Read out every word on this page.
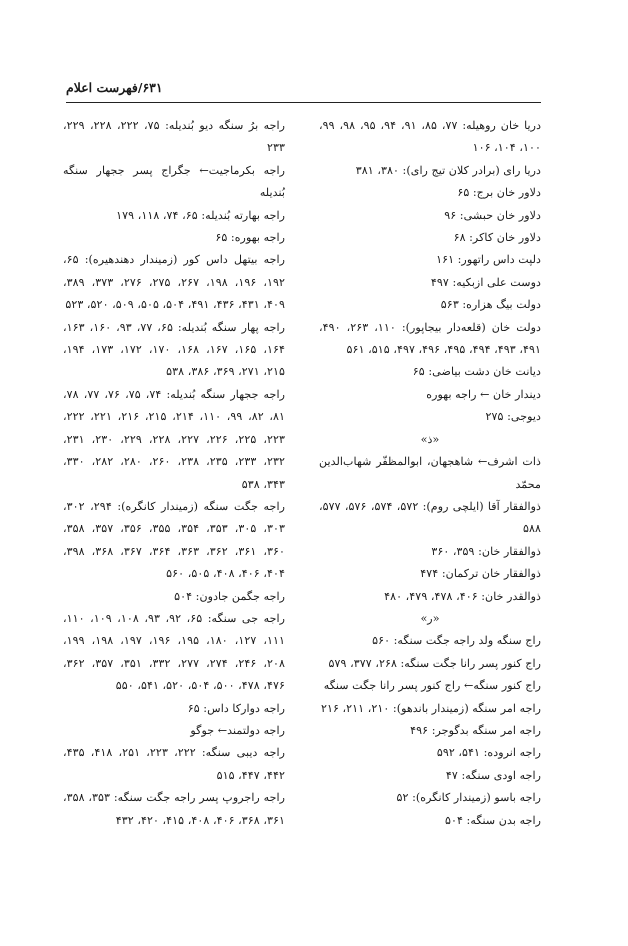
۶۳۱/فهرست اعلام
دریا خان روهیله: ۷۷، ۸۵، ۹۱، ۹۴، ۹۵، ۹۸، ۹۹، ۱۰۰، ۱۰۴، ۱۰۶
دریا رای (برادر کلان تیج رای): ۳۸۰، ۳۸۱
دلاور خان برج: ۶۵
دلاور خان حبشی: ۹۶
دلاور خان کاکر: ۶۸
دلپت داس راتهور: ۱۶۱
دوست علی ازبکیه: ۴۹۷
دولت بیگ هزاره: ۵۶۳
دولت خان (قلعه‌دار بیجاپور): ۱۱۰، ۲۶۳، ۴۹۰، ۴۹۱، ۴۹۳، ۴۹۴، ۴۹۵، ۴۹۶، ۴۹۷، ۵۱۵، ۵۶۱
دیانت خان دشت بیاضی: ۶۵
دیندار خان ← راجه بهوره
دیوجی: ۲۷۵
«ذ»
ذات اشرف← شاهجهان، ابوالمظفّر شهاب‌الدین محمّد
ذوالفقار آقا (ایلچی روم): ۵۷۲، ۵۷۴، ۵۷۶، ۵۷۷، ۵۸۸
ذوالفقار خان: ۳۵۹، ۳۶۰
ذوالفقار خان ترکمان: ۴۷۴
ذوالقدر خان: ۴۰۶، ۴۷۸، ۴۷۹، ۴۸۰
«ر»
راج سنگه ولد راجه جگت سنگه: ۵۶۰
راج کنور پسر رانا جگت سنگه: ۲۶۸، ۳۷۷، ۵۷۹
راج کنور سنگه← راج کنور پسر رانا جگت سنگه
راجه امر سنگه (زمیندار باندهو): ۲۱۰، ۲۱۱، ۲۱۶
راجه امر سنگه بدگوجر: ۴۹۶
راجه انروده: ۵۴۱، ۵۹۲
راجه اودی سنگه: ۴۷
راجه باسو (زمیندار کانگره): ۵۲
راجه بدن سنگه: ۵۰۴
راجه برُ سنگه دیو بُندیله: ۷۵، ۲۲۲، ۲۲۸، ۲۲۹، ۲۳۳
راجه بکرماجیت← جگراج پسر ججهار سنگه بُندیله
راجه بهارته بُندیله: ۶۵، ۷۴، ۱۱۸، ۱۷۹
راجه بهوره: ۶۵
راجه بیتهل داس کور (زمیندار دهندهیره): ۶۵، ۱۹۲، ۱۹۶، ۱۹۸، ۲۶۷، ۲۷۵، ۲۷۶، ۳۷۳، ۳۸۹، ۴۰۹، ۴۳۱، ۴۳۶، ۴۹۱، ۵۰۴، ۵۰۵، ۵۰۹، ۵۲۰، ۵۲۳
راجه پهار سنگه بُندیله: ۶۵، ۷۷، ۹۳، ۱۶۰، ۱۶۳، ۱۶۴، ۱۶۵، ۱۶۷، ۱۶۸، ۱۷۰، ۱۷۲، ۱۷۳، ۱۹۴، ۲۱۵، ۲۷۱، ۳۶۹، ۳۸۶، ۵۳۸
راجه ججهار سنگه بُندیله: ۷۴، ۷۵، ۷۶، ۷۷، ۷۸، ۸۱، ۸۲، ۹۹، ۱۱۰، ۲۱۴، ۲۱۵، ۲۱۶، ۲۲۱، ۲۲۲، ۲۲۳، ۲۲۵، ۲۲۶، ۲۲۷، ۲۲۸، ۲۲۹، ۲۳۰، ۲۳۱، ۲۳۲، ۲۳۳، ۲۳۵، ۲۳۸، ۲۶۰، ۲۸۰، ۲۸۲، ۳۳۰، ۳۴۳، ۵۳۸
راجه جگت سنگه (زمیندار کانگره): ۲۹۴، ۳۰۲، ۳۰۳، ۳۰۵، ۳۵۳، ۳۵۴، ۳۵۵، ۳۵۶، ۳۵۷، ۳۵۸، ۳۶۰، ۳۶۱، ۳۶۲، ۳۶۳، ۳۶۴، ۳۶۷، ۳۶۸، ۳۹۸، ۴۰۴، ۴۰۶، ۴۰۸، ۵۰۵، ۵۶۰
راجه جگمن جادون: ۵۰۴
راجه جی سنگه: ۶۵، ۹۲، ۹۳، ۱۰۸، ۱۰۹، ۱۱۰، ۱۱۱، ۱۲۷، ۱۸۰، ۱۹۵، ۱۹۶، ۱۹۷، ۱۹۸، ۱۹۹، ۲۰۸، ۲۴۶، ۲۷۴، ۲۷۷، ۳۳۲، ۳۵۱، ۳۵۷، ۳۶۲، ۴۷۶، ۴۷۸، ۵۰۰، ۵۰۴، ۵۲۰، ۵۴۱، ۵۵۰
راجه دوارکا داس: ۶۵
راجه دولتمند← جوگو
راجه دیبی سنگه: ۲۲۲، ۲۲۳، ۲۵۱، ۴۱۸، ۴۳۵، ۴۴۲، ۴۴۷، ۵۱۵
راجه راجروپ پسر راجه جگت سنگه: ۳۵۳، ۳۵۸، ۳۶۱، ۳۶۸، ۴۰۶، ۴۰۸، ۴۱۵، ۴۲۰، ۴۳۲
